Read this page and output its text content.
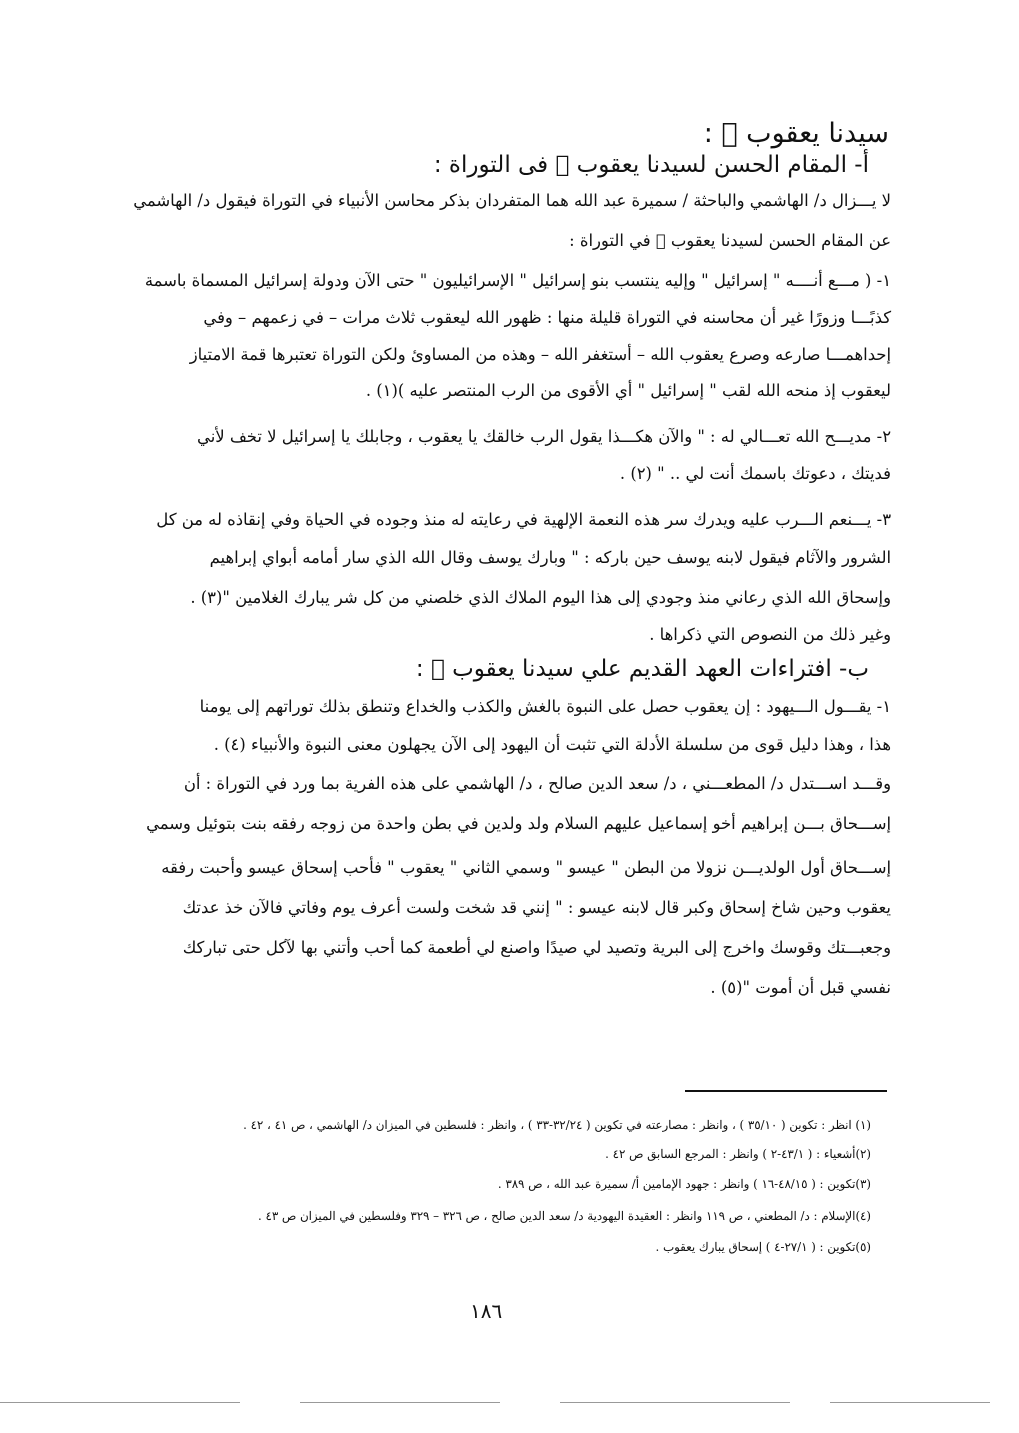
سيدنا يعقوب ﷫ :
أ- المقام الحسن لسيدنا يعقوب ﷫ فى التوراة :
لا يـــزال د/ الهاشمي والباحثة / سميرة عبد الله هما المتفردان بذكر محاسن الأنبياء في التوراة فيقول د/ الهاشمي
عن المقام الحسن لسيدنا يعقوب ﷫ في التوراة :
١- ( مـــع أنــــه " إسرائيل " وإليه ينتسب بنو إسرائيل " الإسرائيليون " حتى الآن ودولة إسرائيل المسماة باسمة
كذبًـــا وزورًا غير أن محاسنه في التوراة قليلة منها : ظهور الله ليعقوب ثلاث مرات – في زعمهم – وفي
إحداهمـــا صارعه وصرع يعقوب الله – أستغفر الله – وهذه من المساوئ ولكن التوراة تعتبرها قمة الامتياز
ليعقوب إذ منحه الله لقب " إسرائيل " أي الأقوى من الرب المنتصر عليه )(١) .
٢- مديـــح الله تعـــالي له : " والآن هكـــذا يقول الرب خالقك يا يعقوب ، وجابلك يا إسرائيل لا تخف لأني
فديتك ، دعوتك باسمك أنت لي .. " (٢) .
٣- يـــنعم الـــرب عليه ويدرك سر هذه النعمة الإلهية في رعايته له منذ وجوده في الحياة وفي إنقاذه له من كل
الشرور والآثام فيقول لابنه يوسف حين باركه : " وبارك يوسف وقال الله الذي سار أمامه أبواي إبراهيم
وإسحاق الله الذي رعاني منذ وجودي إلى هذا اليوم الملاك الذي خلصني من كل شر يبارك الغلامين "(٣) .
وغير ذلك من النصوص التي ذكراها .
ب- افتراءات العهد القديم علي سيدنا يعقوب ﷫ :
١- يقـــول الـــيهود : إن يعقوب حصل على النبوة بالغش والكذب والخداع وتنطق بذلك توراتهم إلى يومنا
هذا ، وهذا دليل قوى من سلسلة الأدلة التي تثبت أن اليهود إلى الآن يجهلون معنى النبوة والأنبياء (٤) .
وقـــد اســـتدل د/ المطعـــني ، د/ سعد الدين صالح ، د/ الهاشمي على هذه الفرية بما ورد في التوراة : أن
إســـحاق بـــن إبراهيم أخو إسماعيل عليهم السلام ولد ولدين في بطن واحدة من زوجه رفقه بنت بتوئيل وسمي
إســـحاق أول الولديـــن نزولا من البطن " عيسو " وسمي الثاني " يعقوب " فأحب إسحاق عيسو وأحبت رفقه
يعقوب وحين شاخ إسحاق وكبر قال لابنه عيسو : " إنني قد شخت ولست أعرف يوم وفاتي فالآن خذ عدتك
وجعبـــتك وقوسك واخرج إلى البرية وتصيد لي صيدًا واصنع لي أطعمة كما أحب وأتني بها لآكل حتى تباركك
نفسي قبل أن أموت "(٥) .
(١) انظر : تكوين ( ٣٥/١٠ ) ، وانظر : مصارعته في تكوين ( ٣٢/٢٤-٣٣ ) ، وانظر : فلسطين في الميزان د/ الهاشمي ، ص ٤١ ، ٤٢ .
(٢)أشعياء : ( ٤٣/١-٢ ) وانظر : المرجع السابق ص ٤٢ .
(٣)تكوين : ( ٤٨/١٥-١٦ ) وانظر : جهود الإمامين أ/ سميرة عبد الله ، ص ٣٨٩ .
(٤)الإسلام : د/ المطعني ، ص ١١٩ وانظر : العقيدة اليهودية د/ سعد الدين صالح ، ص ٣٢٦ – ٣٢٩ وفلسطين في الميزان ص ٤٣ .
(٥)تكوين : ( ٢٧/١-٤ ) إسحاق يبارك يعقوب .
١٨٦
